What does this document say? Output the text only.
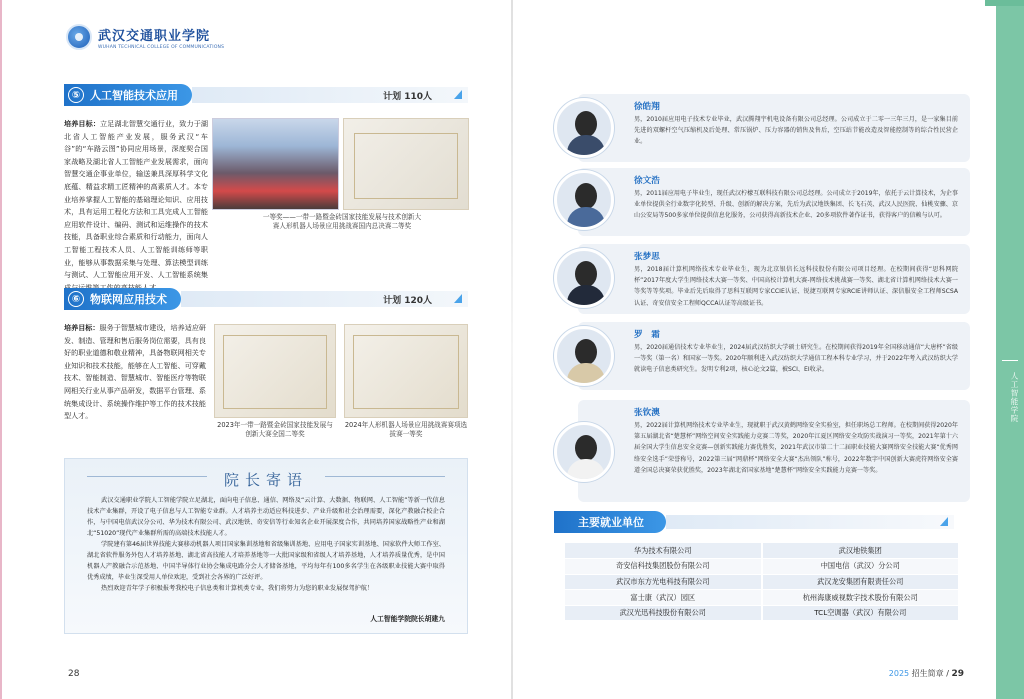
武汉交通职业学院
WUHAN TECHNICAL COLLEGE OF COMMUNICATIONS
⑤ 人工智能技术应用	计划 110人
培养目标：立足湖北智慧交通行业，致力于湖北省人工智能产业发展，服务武汉“车谷”的“车路云图”协同应用场景，深度契合国家战略及湖北省人工智能产业发展需求，面向智慧交通企事业单位，输送兼具深厚科学文化底蕴、精益求精工匠精神的高素质人才。本专业培养掌握人工智能的基础理论知识、应用技术，具有运用工程化方法和工具完成人工智能应用软件设计、编码、测试和运维操作的技术技能，具备职业综合素质和行动能力，面向人工智能工程技术人员、人工智能训练师等职业，能够从事数据采集与处理、算法模型训练与测试、人工智能应用开发、人工智能系统集
一等奖——一带一路暨金砖国家技能发展与技术创新大赛人形机器人场景应用挑战赛国内总决赛二等奖
⑥ 物联网应用技术	计划 120人
培养目标：服务于智慧城市建设，培养适应研发、制造、管理和售后服务岗位需要，具有良好的职业道德和敬业精神，具备物联网相关专业知识和技术技能，能够在人工智能、可穿戴技术、智能制造、智慧城市、智能医疗等物联网相关行业从事产品研发，数据平台管理、系统集成设计、系统操作维护等工作的技术技能型人才。
2023年一带一路暨金砖国家技能发展与创新大赛全国二等奖
2024年人形机器人场景应用挑战赛赛项选拔赛一等奖
院长寄语

武汉交通职业学院人工智能学院立足湖北，面向电子信息、通信、网络及“云计算、大数据、物联网、人工智能”等新一代信息技术产业集群，开设了电子信息与人工智能专业群。人才培养主动适应科技进步、产业升级和社会治理需要，深化产教融合校企合作，与中国电信武汉分公司、华为技术有限公司、武汉地铁、奇安信等行业知名企业开展深度合作，共同培养国家战略性产业和湖北“51020”现代产业集群所需的高端技术技能人才。

学院建有第46届世界技能大赛移动机器人项目国家集训基地和省级集训基地、应用电子国家实训基地、国家软件大师工作室、湖北省软件服务外包人才培养基地、湖北省高技能人才培养基地等一大批国家级和省级人才培养基地，人才培养质量优秀，是中国机器人产教融合示范基地、中国半导体行业协会集成电路分会人才储备基地，平均每年有100多名学生在各级职业技能大赛中取得优秀成绩，毕业生深受用人单位欢迎，受到社会各界的广泛好评。

热烈欢迎青年学子积极报考我校电子信息类和计算机类专业，我们将努力为您的职业发展保驾护航！

人工智能学院院长胡建九
28
徐皓翔
男，2010届应用电子技术专业毕业，武汉腾翔宇机电设备有限公司总经理。公司成立于二零一三年三月，是一家集目前先进的双螺杆空气压缩机及后处理、常压锅炉、压力容器的销售及售后，空压站节能改造及智能控制等的综合性民营企业。
徐文浩
男，2011届应用电子毕业生，现任武汉柠檬互联科技有限公司总经理。公司成立于2019年，依托于云计算技术，为企事业单位提供全行业数字化转型、升级、创新的解决方案，先后为武汉地铁集团、长飞石英、武汉人民医院、仙桃安骤、京山公安局等500多家单位提供信息化服务，公司获得高新技术企业、20多项软件著作证书，获得客户的信赖与认可。
张梦思
男，2018届计算机网络技术专业毕业生，现为北京银信长远科技股份有限公司项目经理。在校期间获得“思科网院杯”2017年度大学生网络技术大赛一等奖、中国高校计算机大赛-网络技术挑战赛一等奖、湖北省计算机网络技术大赛一等奖等等奖项。毕业后先后取得了思科互联网专家CCIE认证、锐捷互联网专家RCIE讲师认证、深信服安全工程师SCSA认证、奇安信安全工程师QCCA认证等高级证书。
罗　霜
男，2020届通信技术专业毕业生，2024届武汉纺织大学硕士研究生。在校期间获得2019年全国移动通信“大唐杯”省级一等奖（第一名）和国家一等奖。2020年顺利进入武汉纺织大学通信工程本科专业学习，并于2022年考入武汉纺织大学就读电子信息类研究生。发明专利2项，核心论文2篇，被SCI、EI收录。
张钦澳
男，2022届计算机网络技术专业毕业生，现就职于武汉黄鹤网络安全实验室，担任职场总工程师。在校期间获得2020年第五届湖北省“楚慧杯”网络空间安全实践能力竞赛二等奖，2020年江夏区网络安全攻防实战演习一等奖，2021年第十六届全国大学生信息安全竞赛—创新实践能力赛优胜奖，2021年武汉市第二十二届职业技能大赛网络安全技能大赛“优秀网络安全选手”荣誉称号，2022第三届“网鼎杯”网络安全大赛“杰出领队”称号，2022年数字中国创新大赛虎符网络安全赛道全国总决赛荣获优胜奖，2023年湖北省国家基地“楚慧杯”网络安全实践能力竞赛一等奖。
主要就业单位
华为技术有限公司	武汉地铁集团
奇安信科技集团股份有限公司	中国电信（武汉）分公司
武汉市东方光电科技有限公司	武汉龙安集团有限责任公司
富士康（武汉）园区	杭州海康威视数字技术股份有限公司
武汉光迅科技股份有限公司	TCL空调器（武汉）有限公司
人工智能学院
2025 招生简章 / 29
